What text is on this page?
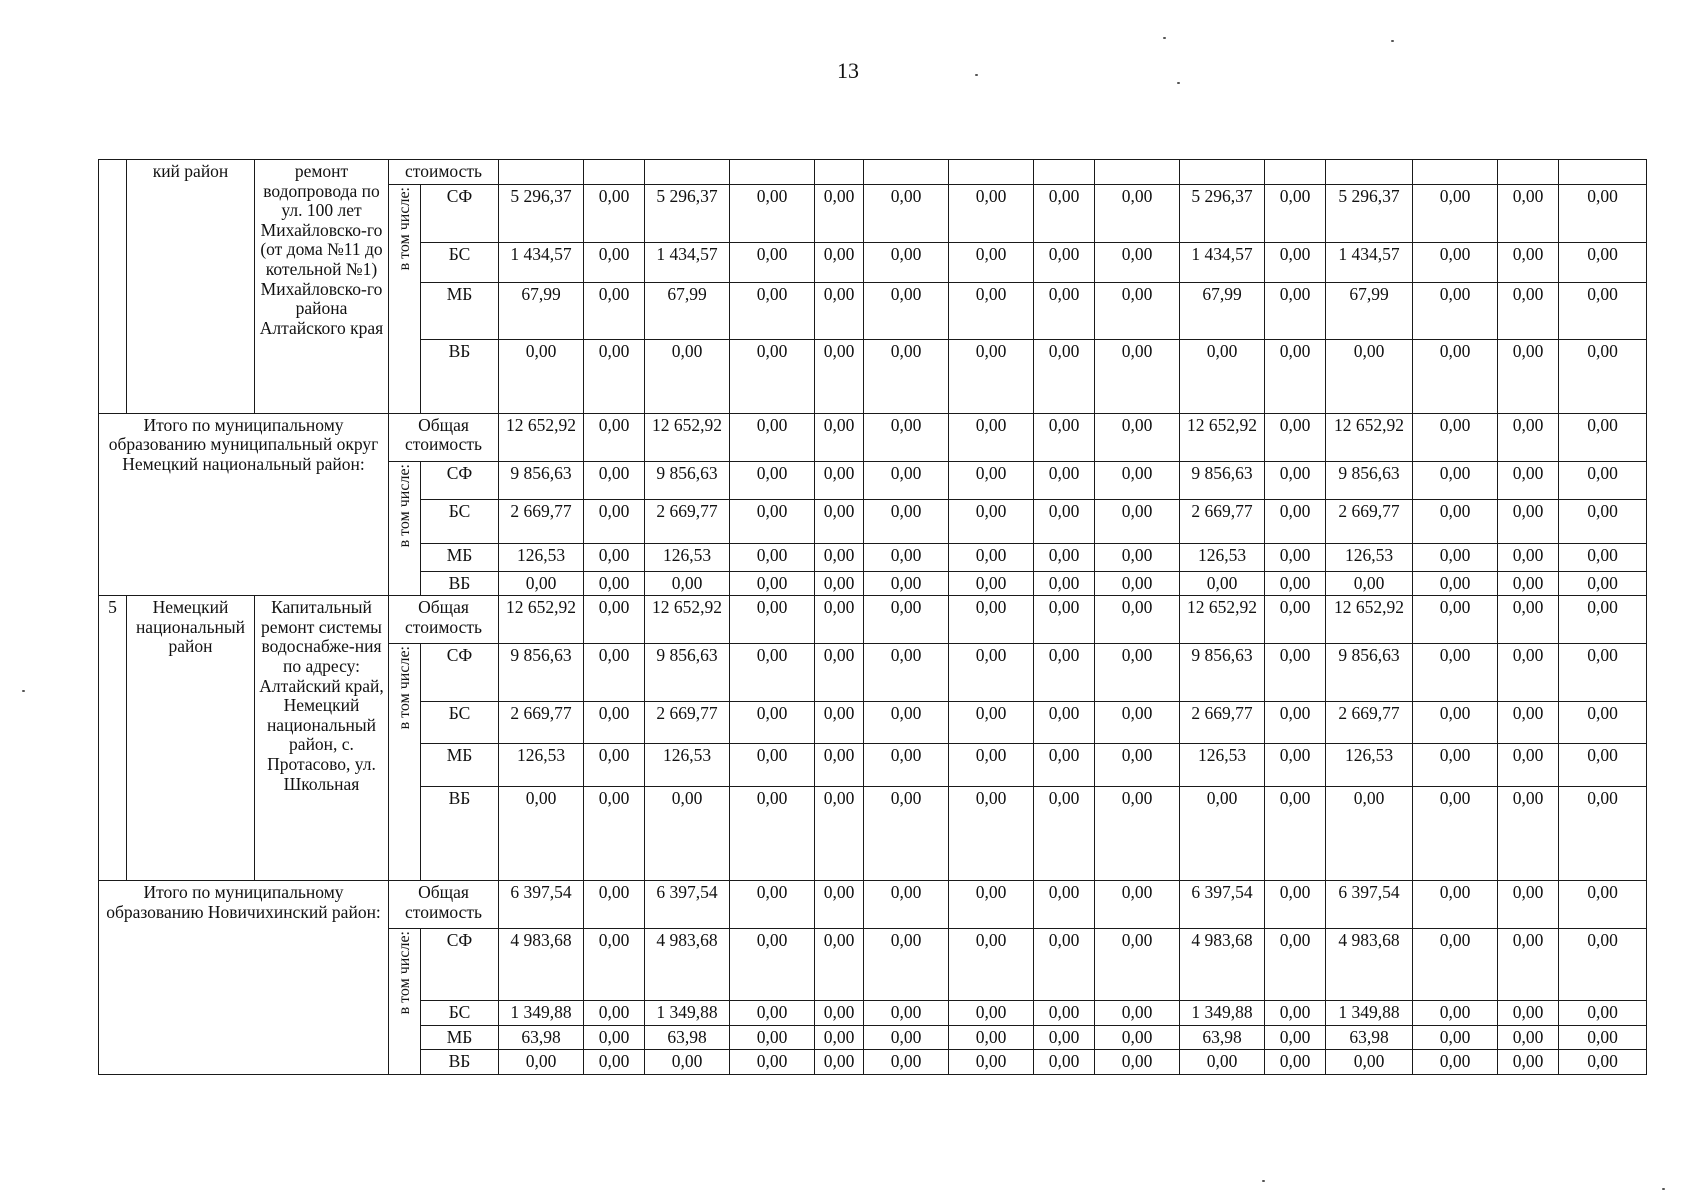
13
	кий район	ремонт водопровода по ул. 100 лет Михайловско-го (от дома №11 до котельной №1) Михайловско-го района Алтайского края	стоимость																
			в том числе:	СФ	5 296,37	0,00	5 296,37	0,00	0,00	0,00	0,00	0,00	0,00	5 296,37	0,00	5 296,37	0,00	0,00	0,00
				БС	1 434,57	0,00	1 434,57	0,00	0,00	0,00	0,00	0,00	0,00	1 434,57	0,00	1 434,57	0,00	0,00	0,00
				МБ	67,99	0,00	67,99	0,00	0,00	0,00	0,00	0,00	0,00	67,99	0,00	67,99	0,00	0,00	0,00
				ВБ	0,00	0,00	0,00	0,00	0,00	0,00	0,00	0,00	0,00	0,00	0,00	0,00	0,00	0,00	0,00
Итого по муниципальному образованию муниципальный округ Немецкий национальный район:			Общая стоимость		12 652,92	0,00	12 652,92	0,00	0,00	0,00	0,00	0,00	0,00	12 652,92	0,00	12 652,92	0,00	0,00	0,00
			в том числе:	СФ	9 856,63	0,00	9 856,63	0,00	0,00	0,00	0,00	0,00	0,00	9 856,63	0,00	9 856,63	0,00	0,00	0,00
				БС	2 669,77	0,00	2 669,77	0,00	0,00	0,00	0,00	0,00	0,00	2 669,77	0,00	2 669,77	0,00	0,00	0,00
				МБ	126,53	0,00	126,53	0,00	0,00	0,00	0,00	0,00	0,00	126,53	0,00	126,53	0,00	0,00	0,00
				ВБ	0,00	0,00	0,00	0,00	0,00	0,00	0,00	0,00	0,00	0,00	0,00	0,00	0,00	0,00	0,00
5	Немецкий национальный район	Капитальный ремонт системы водоснабже-ния по адресу: Алтайский край, Немецкий национальный район, с. Протасово, ул. Школьная	Общая стоимость		12 652,92	0,00	12 652,92	0,00	0,00	0,00	0,00	0,00	0,00	12 652,92	0,00	12 652,92	0,00	0,00	0,00
			в том числе:	СФ	9 856,63	0,00	9 856,63	0,00	0,00	0,00	0,00	0,00	0,00	9 856,63	0,00	9 856,63	0,00	0,00	0,00
				БС	2 669,77	0,00	2 669,77	0,00	0,00	0,00	0,00	0,00	0,00	2 669,77	0,00	2 669,77	0,00	0,00	0,00
				МБ	126,53	0,00	126,53	0,00	0,00	0,00	0,00	0,00	0,00	126,53	0,00	126,53	0,00	0,00	0,00
				ВБ	0,00	0,00	0,00	0,00	0,00	0,00	0,00	0,00	0,00	0,00	0,00	0,00	0,00	0,00	0,00
Итого по муниципальному образованию Новичихинский район:			Общая стоимость		6 397,54	0,00	6 397,54	0,00	0,00	0,00	0,00	0,00	0,00	6 397,54	0,00	6 397,54	0,00	0,00	0,00
			в том числе:	СФ	4 983,68	0,00	4 983,68	0,00	0,00	0,00	0,00	0,00	0,00	4 983,68	0,00	4 983,68	0,00	0,00	0,00
				БС	1 349,88	0,00	1 349,88	0,00	0,00	0,00	0,00	0,00	0,00	1 349,88	0,00	1 349,88	0,00	0,00	0,00
				МБ	63,98	0,00	63,98	0,00	0,00	0,00	0,00	0,00	0,00	63,98	0,00	63,98	0,00	0,00	0,00
				ВБ	0,00	0,00	0,00	0,00	0,00	0,00	0,00	0,00	0,00	0,00	0,00	0,00	0,00	0,00	0,00
